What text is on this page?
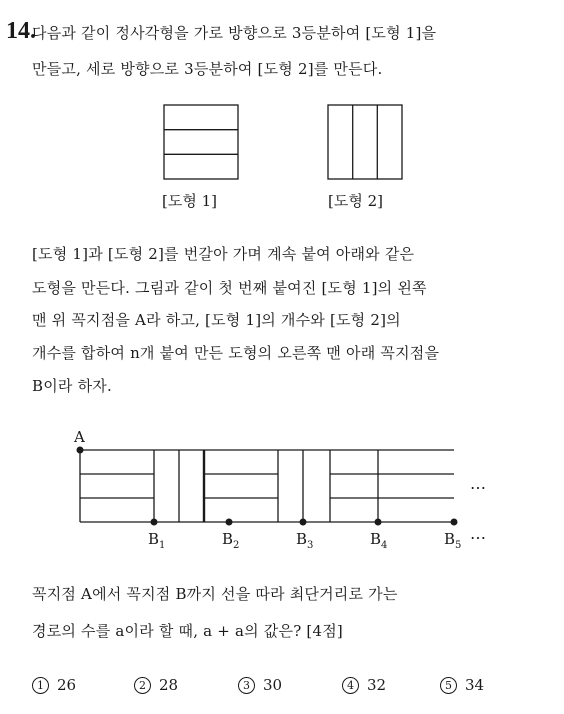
14.
다음과 같이 정사각형을 가로 방향으로 3등분하여 [도형 1]을
만들고, 세로 방향으로 3등분하여 [도형 2]를 만든다.
[도형 1]	[도형 2]
[도형 1]과 [도형 2]를 번갈아 가며 계속 붙여 아래와 같은
도형을 만든다. 그림과 같이 첫 번째 붙여진 [도형 1]의 왼쪽
맨 위 꼭지점을 A라 하고, [도형 1]의 개수와 [도형 2]의
개수를 합하여 n개 붙여 만든 도형의 오른쪽 맨 아래 꼭지점을
B이라 하자.
A
$B_1$	$B_2$	$B_3$	$B_4$	$B_5$
…
…
꼭지점 A에서 꼭지점 B까지 선을 따라 최단거리로 가는
경로의 수를 a이라 할 때, a + a의 값은? [4점]
1 26	2 28	3 30	4 32	5 34
